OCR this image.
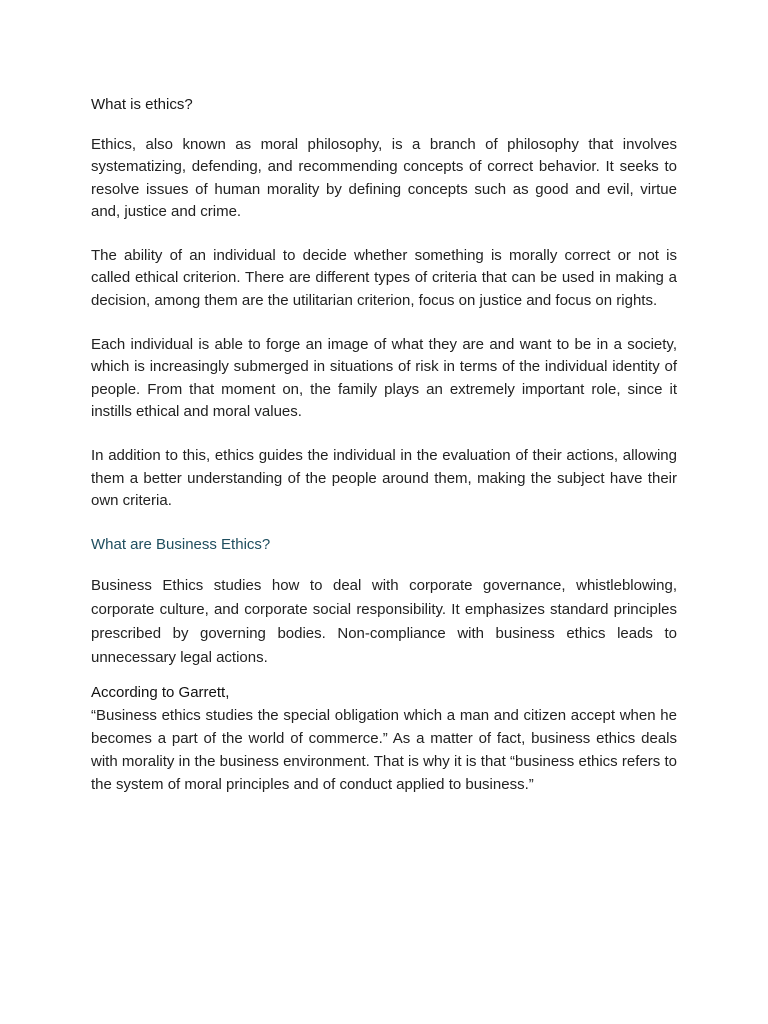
What is ethics?
Ethics, also known as moral philosophy, is a branch of philosophy that involves systematizing, defending, and recommending concepts of correct behavior. It seeks to resolve issues of human morality by defining concepts such as good and evil, virtue and, justice and crime.
The ability of an individual to decide whether something is morally correct or not is called ethical criterion. There are different types of criteria that can be used in making a decision, among them are the utilitarian criterion, focus on justice and focus on rights.
Each individual is able to forge an image of what they are and want to be in a society, which is increasingly submerged in situations of risk in terms of the individual identity of people. From that moment on, the family plays an extremely important role, since it instills ethical and moral values.
In addition to this, ethics guides the individual in the evaluation of their actions, allowing them a better understanding of the people around them, making the subject have their own criteria.
What are Business Ethics?
Business Ethics studies how to deal with corporate governance, whistleblowing, corporate culture, and corporate social responsibility. It emphasizes standard principles prescribed by governing bodies. Non-compliance with business ethics leads to unnecessary legal actions.
According to Garrett,
“Business ethics studies the special obligation which a man and citizen accept when he becomes a part of the world of commerce.” As a matter of fact, business ethics deals with morality in the business environment. That is why it is that “business ethics refers to the system of moral principles and of conduct applied to business.”
